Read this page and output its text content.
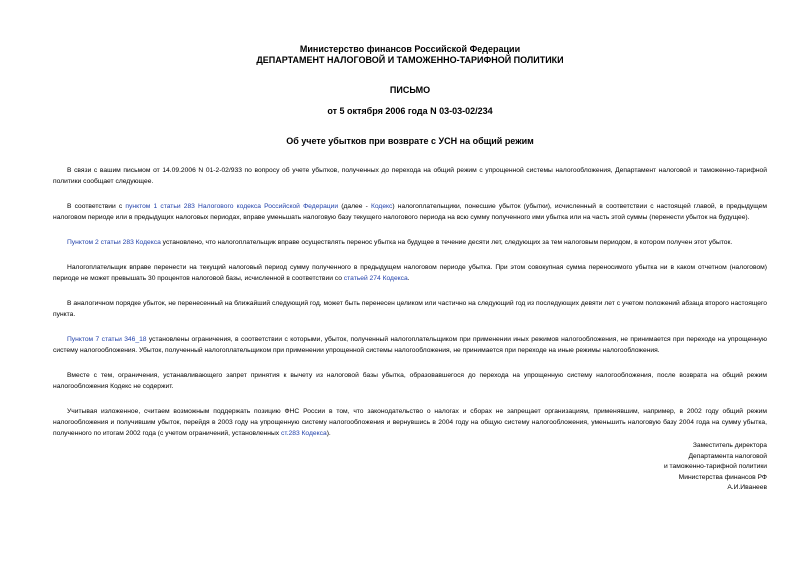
Министерство финансов Российской Федерации

ДЕПАРТАМЕНТ НАЛОГОВОЙ И ТАМОЖЕННО-ТАРИФНОЙ ПОЛИТИКИ

ПИСЬМО

от 5 октября 2006 года N 03-03-02/234

Об учете убытков при возврате с УСН на общий режим

В связи с вашим письмом от 14.09.2006 N 01-2-02/933 по вопросу об учете убытков, полученных до перехода на общий режим с упрощенной системы налогообложения, Департамент налоговой и таможенно-тарифной политики сообщает следующее.

В соответствии с пунктом 1 статьи 283 Налогового кодекса Российской Федерации (далее - Кодекс) налогоплательщики, понесшие убыток (убытки), исчисленный в соответствии с настоящей главой, в предыдущем налоговом периоде или в предыдущих налоговых периодах, вправе уменьшать налоговую базу текущего налогового периода на всю сумму полученного ими убытка или на часть этой суммы (перенести убыток на будущее).

Пунктом 2 статьи 283 Кодекса установлено, что налогоплательщик вправе осуществлять перенос убытка на будущее в течение десяти лет, следующих за тем налоговым периодом, в котором получен этот убыток.

Налогоплательщик вправе перенести на текущий налоговый период сумму полученного в предыдущем налоговом периоде убытка. При этом совокупная сумма переносимого убытка ни в каком отчетном (налоговом) периоде не может превышать 30 процентов налоговой базы, исчисленной в соответствии со статьей 274 Кодекса.

В аналогичном порядке убыток, не перенесенный на ближайший следующий год, может быть перенесен целиком или частично на следующий год из последующих девяти лет с учетом положений абзаца второго настоящего пункта.

Пунктом 7 статьи 346_18 установлены ограничения, в соответствии с которыми, убыток, полученный налогоплательщиком при применении иных режимов налогообложения, не принимается при переходе на упрощенную систему налогообложения. Убыток, полученный налогоплательщиком при применении упрощенной системы налогообложения, не принимается при переходе на иные режимы налогообложения.

Вместе с тем, ограничения, устанавливающего запрет принятия к вычету из налоговой базы убытка, образовавшегося до перехода на упрощенную систему налогообложения, после возврата на общий режим налогообложения Кодекс не содержит.

Учитывая изложенное, считаем возможным поддержать позицию ФНС России в том, что законодательство о налогах и сборах не запрещает организациям, применявшим, например, в 2002 году общий режим налогообложения и получившим убыток, перейдя в 2003 году на упрощенную систему налогообложения и вернувшись в 2004 году на общую систему налогообложения, уменьшить налоговую базу 2004 года на сумму убытка, полученного по итогам 2002 года (с учетом ограничений, установленных ст.283 Кодекса).

Заместитель директора
Департамента налоговой
и таможенно-тарифной политики
Министерства финансов РФ
А.И.Иванеев
